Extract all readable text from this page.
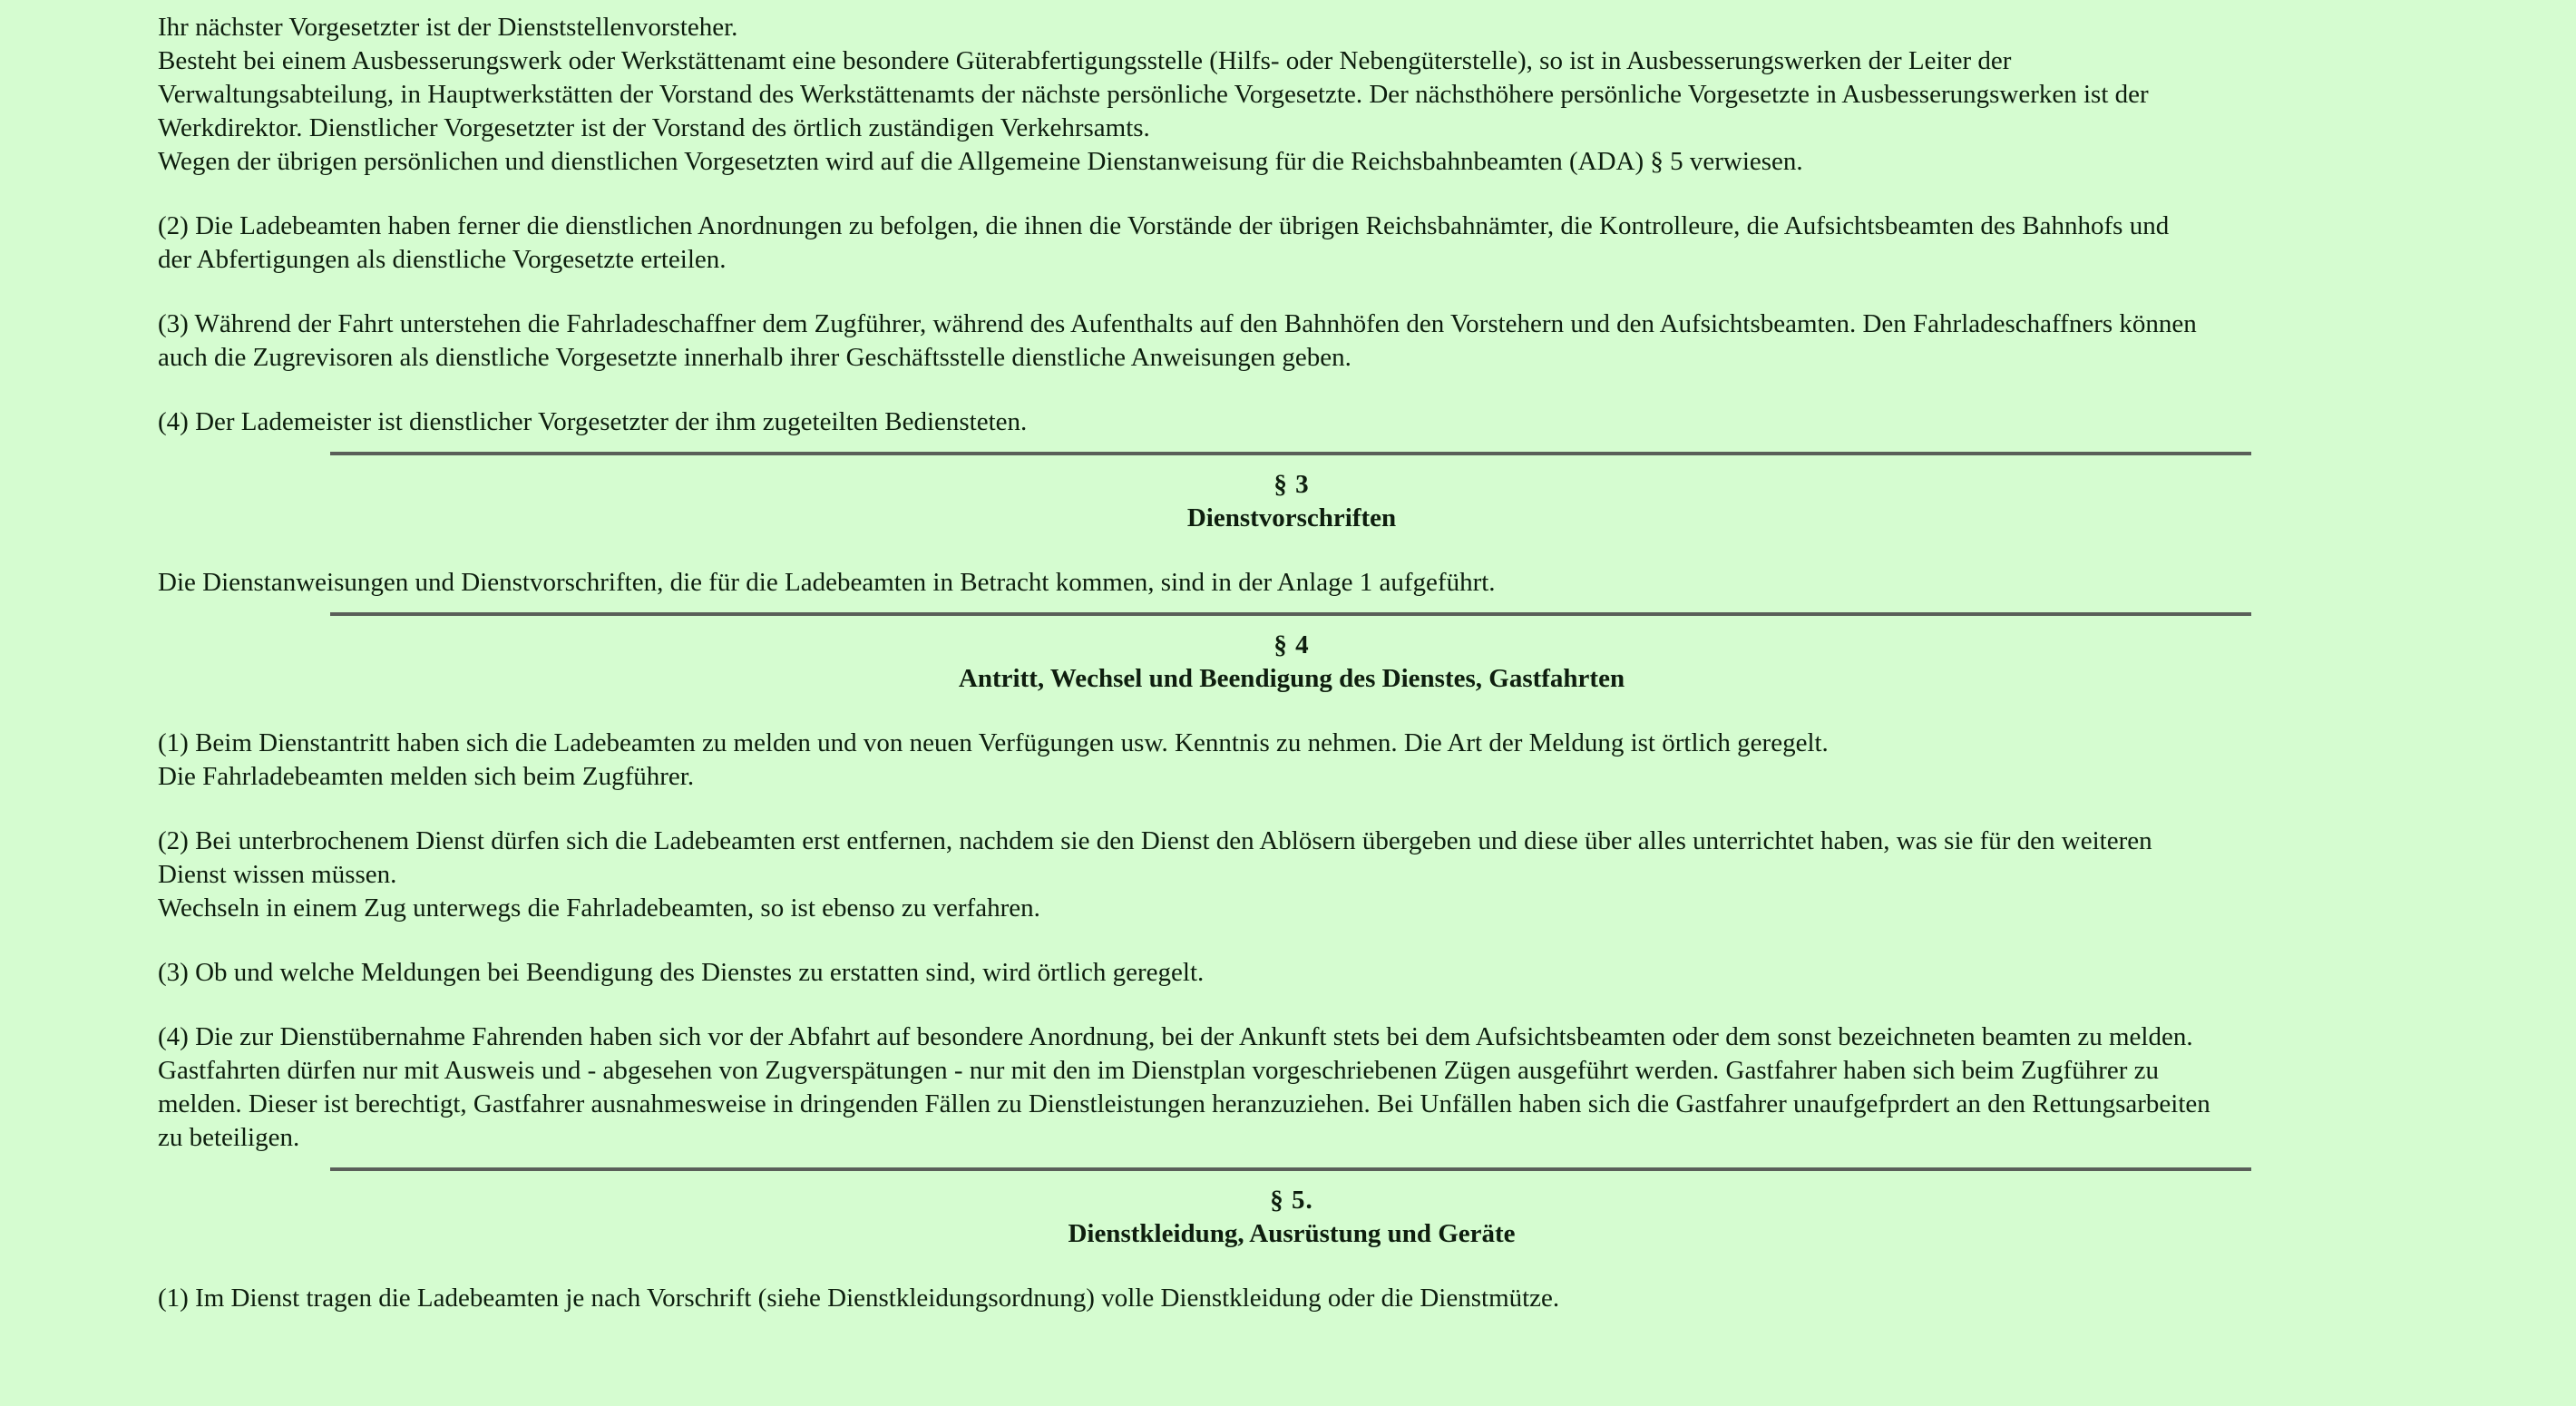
Ihr nächster Vorgesetzter ist der Dienststellenvorsteher.
Besteht bei einem Ausbesserungswerk oder Werkstättenamt eine besondere Güterabfertigungsstelle (Hilfs- oder Nebengüterstelle), so ist in Ausbesserungswerken der Leiter der
Verwaltungsabteilung, in Hauptwerkstätten der Vorstand des Werkstättenamts der nächste persönliche Vorgesetzte. Der nächsthöhere persönliche Vorgesetzte in Ausbesserungswerken ist der
Werkdirektor. Dienstlicher Vorgesetzter ist der Vorstand des örtlich zuständigen Verkehrsamts.
Wegen der übrigen persönlichen und dienstlichen Vorgesetzten wird auf die Allgemeine Dienstanweisung für die Reichsbahnbeamten (ADA) § 5 verwiesen.

(2) Die Ladebeamten haben ferner die dienstlichen Anordnungen zu befolgen, die ihnen die Vorstände der übrigen Reichsbahnämter, die Kontrolleure, die Aufsichtsbeamten des Bahnhofs und
der Abfertigungen als dienstliche Vorgesetzte erteilen.

(3) Während der Fahrt unterstehen die Fahrladeschaffner dem Zugführer, während des Aufenthalts auf den Bahnhöfen den Vorstehern und den Aufsichtsbeamten. Den Fahrladeschaffners können
auch die Zugrevisoren als dienstliche Vorgesetzte innerhalb ihrer Geschäftsstelle dienstliche Anweisungen geben.

(4) Der Lademeister ist dienstlicher Vorgesetzter der ihm zugeteilten Bediensteten.

§ 3
Dienstvorschriften

Die Dienstanweisungen und Dienstvorschriften, die für die Ladebeamten in Betracht kommen, sind in der Anlage 1 aufgeführt.

§ 4
Antritt, Wechsel und Beendigung des Dienstes, Gastfahrten

(1) Beim Dienstantritt haben sich die Ladebeamten zu melden und von neuen Verfügungen usw. Kenntnis zu nehmen. Die Art der Meldung ist örtlich geregelt.
Die Fahrladebeamten melden sich beim Zugführer.

(2) Bei unterbrochenem Dienst dürfen sich die Ladebeamten erst entfernen, nachdem sie den Dienst den Ablösern übergeben und diese über alles unterrichtet haben, was sie für den weiteren
Dienst wissen müssen.
Wechseln in einem Zug unterwegs die Fahrladebeamten, so ist ebenso zu verfahren.

(3) Ob und welche Meldungen bei Beendigung des Dienstes zu erstatten sind, wird örtlich geregelt.

(4) Die zur Dienstübernahme Fahrenden haben sich vor der Abfahrt auf besondere Anordnung, bei der Ankunft stets bei dem Aufsichtsbeamten oder dem sonst bezeichneten beamten zu melden.
Gastfahrten dürfen nur mit Ausweis und - abgesehen von Zugverspätungen - nur mit den im Dienstplan vorgeschriebenen Zügen ausgeführt werden. Gastfahrer haben sich beim Zugführer zu
melden. Dieser ist berechtigt, Gastfahrer ausnahmesweise in dringenden Fällen zu Dienstleistungen heranzuziehen. Bei Unfällen haben sich die Gastfahrer unaufgefprdert an den Rettungsarbeiten
zu beteiligen.

§ 5.
Dienstkleidung, Ausrüstung und Geräte

(1) Im Dienst tragen die Ladebeamten je nach Vorschrift (siehe Dienstkleidungsordnung) volle Dienstkleidung oder die Dienstmütze.
